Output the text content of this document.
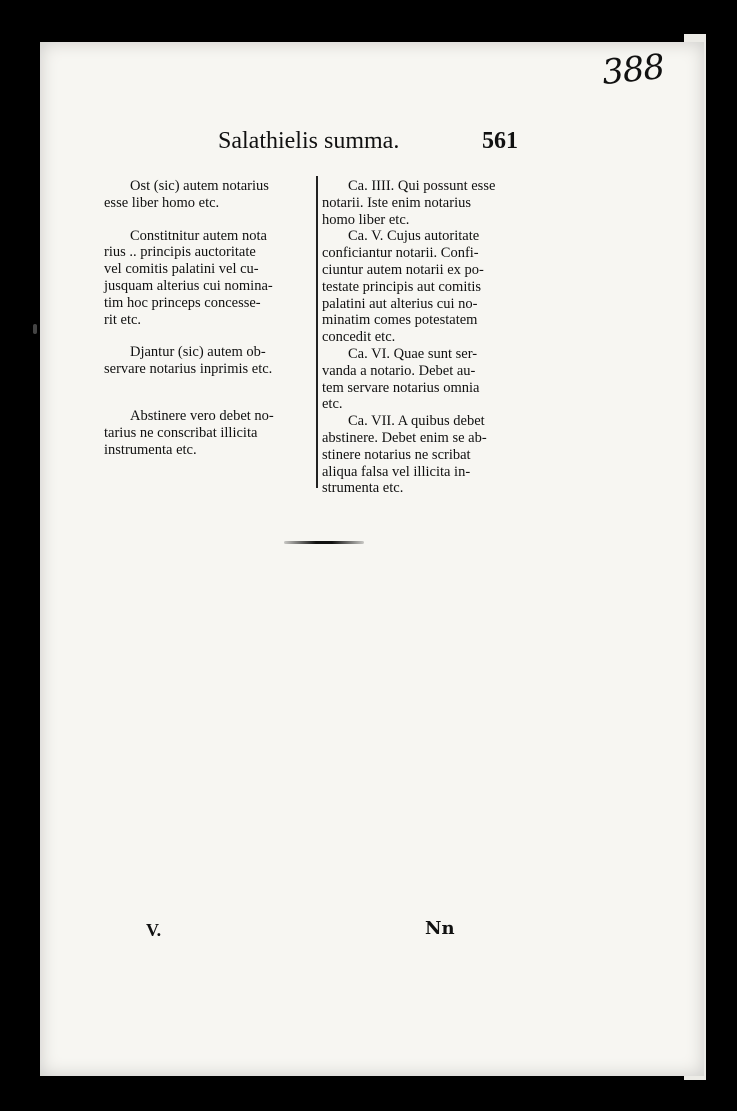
388
Salathielis summa.	561

Ost (sic) autem notarius
esse liber homo etc.

Constitnitur autem nota
rius .. principis auctoritate
vel comitis palatini vel cu-
jusquam alterius cui nomina-
tim hoc princeps concesse-
rit etc.

Djantur (sic) autem ob-
servare notarius inprimis etc.

Abstinere vero debet no-
tarius ne conscribat illicita
instrumenta etc.

Ca. IIII. Qui possunt esse
notarii. Iste enim notarius
homo liber etc.

Ca. V. Cujus autoritate
conficiantur notarii. Confi-
ciuntur autem notarii ex po-
testate principis aut comitis
palatini aut alterius cui no-
minatim comes potestatem
concedit etc.

Ca. VI. Quae sunt ser-
vanda a notario. Debet au-
tem servare notarius omnia
etc.

Ca. VII. A quibus debet
abstinere. Debet enim se ab-
stinere notarius ne scribat
aliqua falsa vel illicita in-
strumenta etc.

V.	Nn
